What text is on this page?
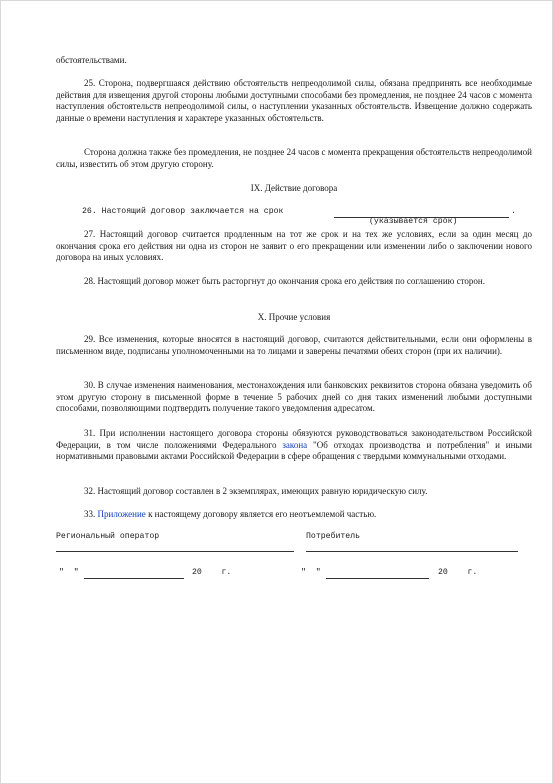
обстоятельствами.
25. Сторона, подвергшаяся действию обстоятельств непреодолимой силы, обязана предпринять все необходимые действия для извещения другой стороны любыми доступными способами без промедления, не позднее 24 часов с момента наступления обстоятельств непреодолимой силы, о наступлении указанных обстоятельств. Извещение должно содержать данные о времени наступления и характере указанных обстоятельств.
Сторона должна также без промедления, не позднее 24 часов с момента прекращения обстоятельств непреодолимой силы, известить об этом другую сторону.
IX. Действие договора
26. Настоящий договор заключается на срок	.
(указывается срок)
27. Настоящий договор считается продленным на тот же срок и на тех же условиях, если за один месяц до окончания срока его действия ни одна из сторон не заявит о его прекращении или изменении либо о заключении нового договора на иных условиях.
28. Настоящий договор может быть расторгнут до окончания срока его действия по соглашению сторон.
X. Прочие условия
29. Все изменения, которые вносятся в настоящий договор, считаются действительными, если они оформлены в письменном виде, подписаны уполномоченными на то лицами и заверены печатями обеих сторон (при их наличии).
30. В случае изменения наименования, местонахождения или банковских реквизитов сторона обязана уведомить об этом другую сторону в письменной форме в течение 5 рабочих дней со дня таких изменений любыми доступными способами, позволяющими подтвердить получение такого уведомления адресатом.
31. При исполнении настоящего договора стороны обязуются руководствоваться законодательством Российской Федерации, в том числе положениями Федерального закона "Об отходах производства и потребления" и иными нормативными правовыми актами Российской Федерации в сфере обращения с твердыми коммунальными отходами.
32. Настоящий договор составлен в 2 экземплярах, имеющих равную юридическую силу.
33. Приложение к настоящему договору является его неотъемлемой частью.
Региональный оператор	Потребитель
"  "	20    г.	"  "	20    г.
